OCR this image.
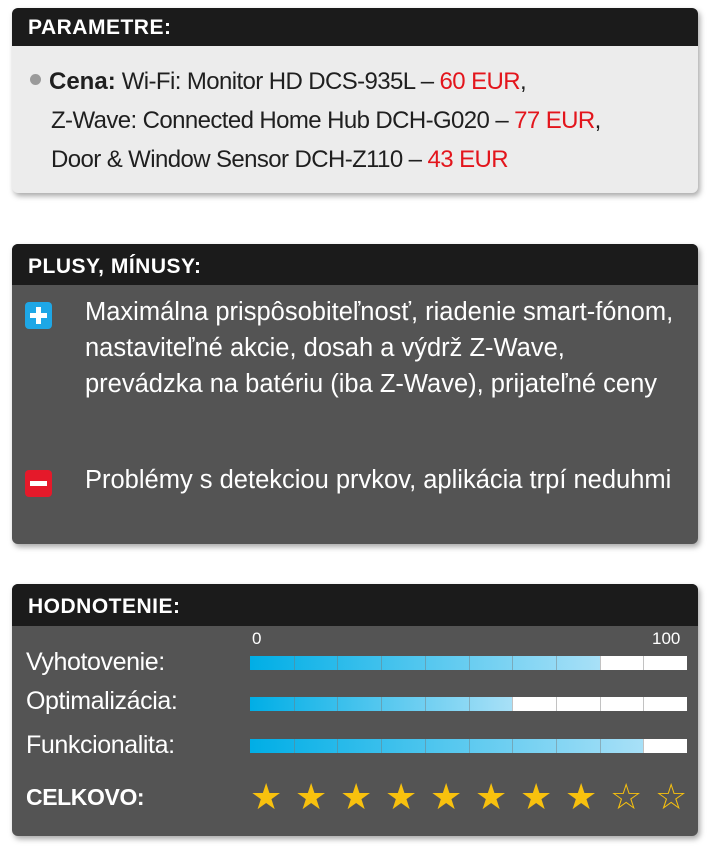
PARAMETRE:
Cena: Wi-Fi: Monitor HD DCS-935L – 60 EUR,
Z-Wave: Connected Home Hub DCH-G020 – 77 EUR,
Door & Window Sensor DCH-Z110 – 43 EUR
PLUSY, MÍNUSY:
Maximálna prispôsobiteľnosť, riadenie smart-fónom, nastaviteľné akcie, dosah a výdrž Z-Wave, prevádzka na batériu (iba Z-Wave), prijateľné ceny
Problémy s detekciou prvkov, aplikácia trpí neduhmi
HODNOTENIE:
0	100
Vyhotovenie:
Optimalizácia:
Funkcionalita:
CELKOVO:	★ ★ ★ ★ ★ ★ ★ ★ ☆ ☆
